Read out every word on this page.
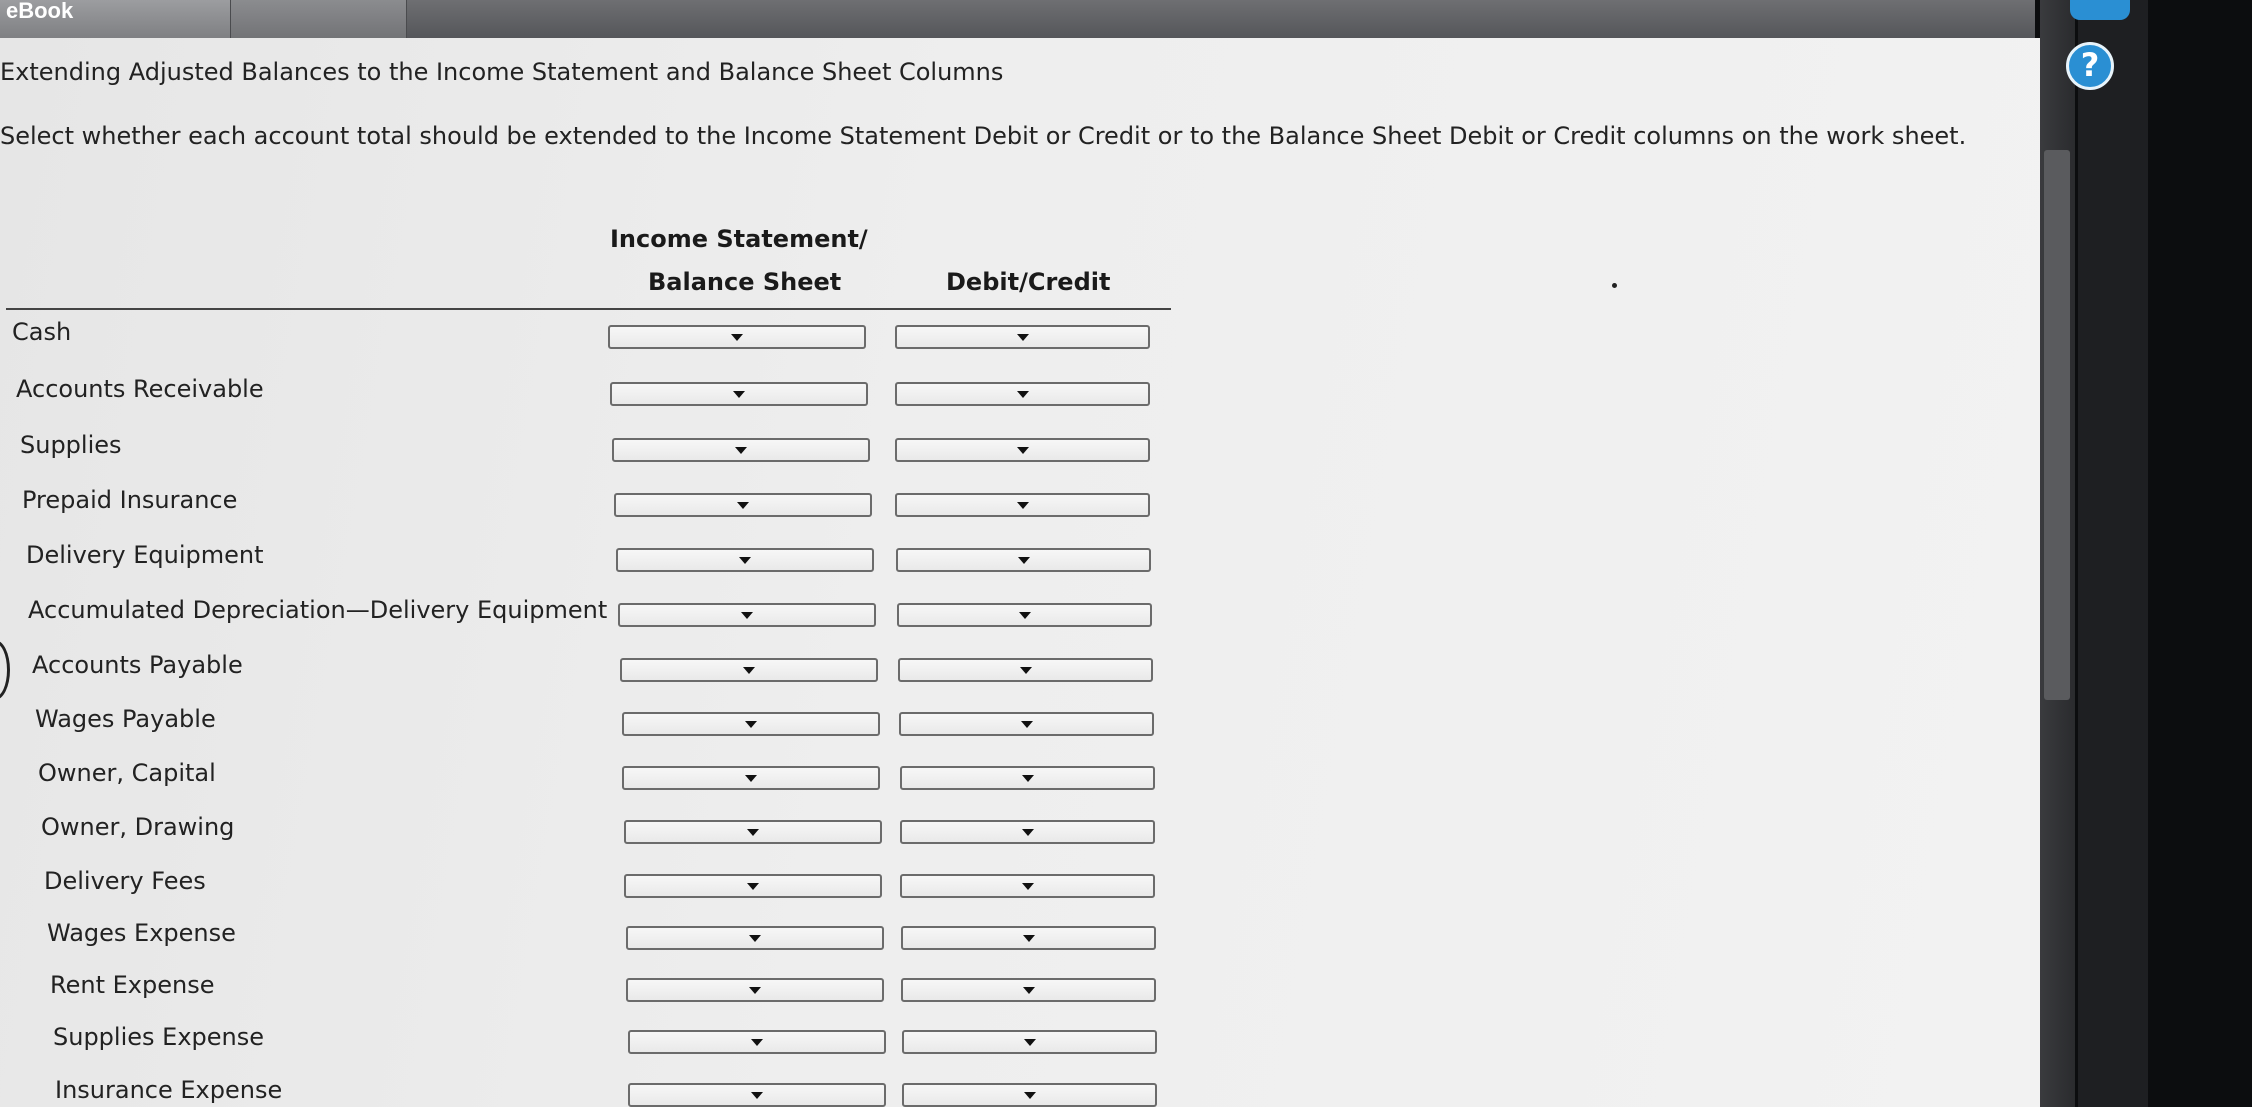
eBook
Extending Adjusted Balances to the Income Statement and Balance Sheet Columns

Select whether each account total should be extended to the Income Statement Debit or Credit or to the Balance Sheet Debit or Credit columns on the work sheet.

Income Statement/
Balance Sheet	Debit/Credit
Cash
Accounts Receivable
Supplies
Prepaid Insurance
Delivery Equipment
Accumulated Depreciation—Delivery Equipment
Accounts Payable
Wages Payable
Owner, Capital
Owner, Drawing
Delivery Fees
Wages Expense
Rent Expense
Supplies Expense
Insurance Expense
?
